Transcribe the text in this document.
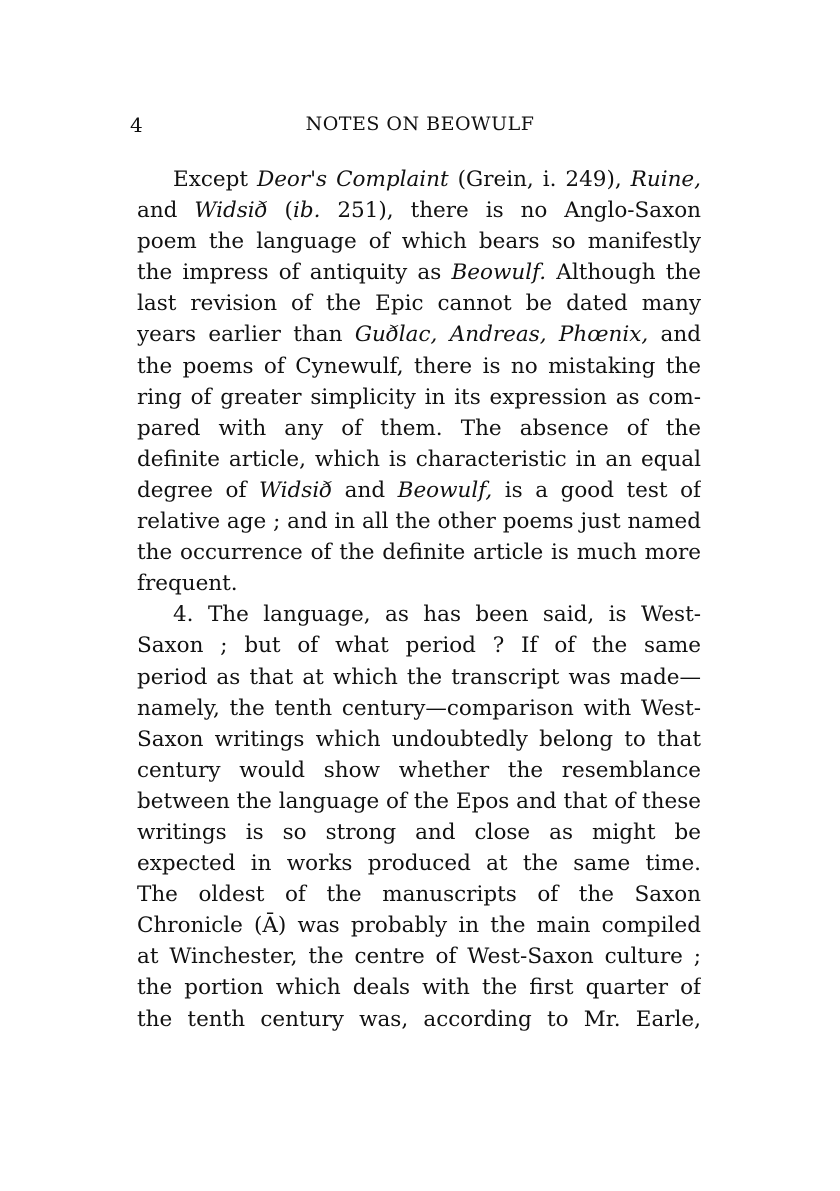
4	NOTES ON BEOWULF
Except Deor's Complaint (Grein, i. 249), Ruine,
and Widsið (ib. 251), there is no Anglo-Saxon
poem the language of which bears so manifestly
the impress of antiquity as Beowulf. Although the
last revision of the Epic cannot be dated many
years earlier than Guðlac, Andreas, Phœnix, and
the poems of Cynewulf, there is no mistaking the
ring of greater simplicity in its expression as com-
pared with any of them. The absence of the
definite article, which is characteristic in an equal
degree of Widsið and Beowulf, is a good test of
relative age ; and in all the other poems just named
the occurrence of the definite article is much more
frequent.
4. The language, as has been said, is West-
Saxon ; but of what period ? If of the same
period as that at which the transcript was made—
namely, the tenth century—comparison with West-
Saxon writings which undoubtedly belong to that
century would show whether the resemblance
between the language of the Epos and that of these
writings is so strong and close as might be
expected in works produced at the same time.
The oldest of the manuscripts of the Saxon
Chronicle (Ā) was probably in the main compiled
at Winchester, the centre of West-Saxon culture ;
the portion which deals with the first quarter of
the tenth century was, according to Mr. Earle,
